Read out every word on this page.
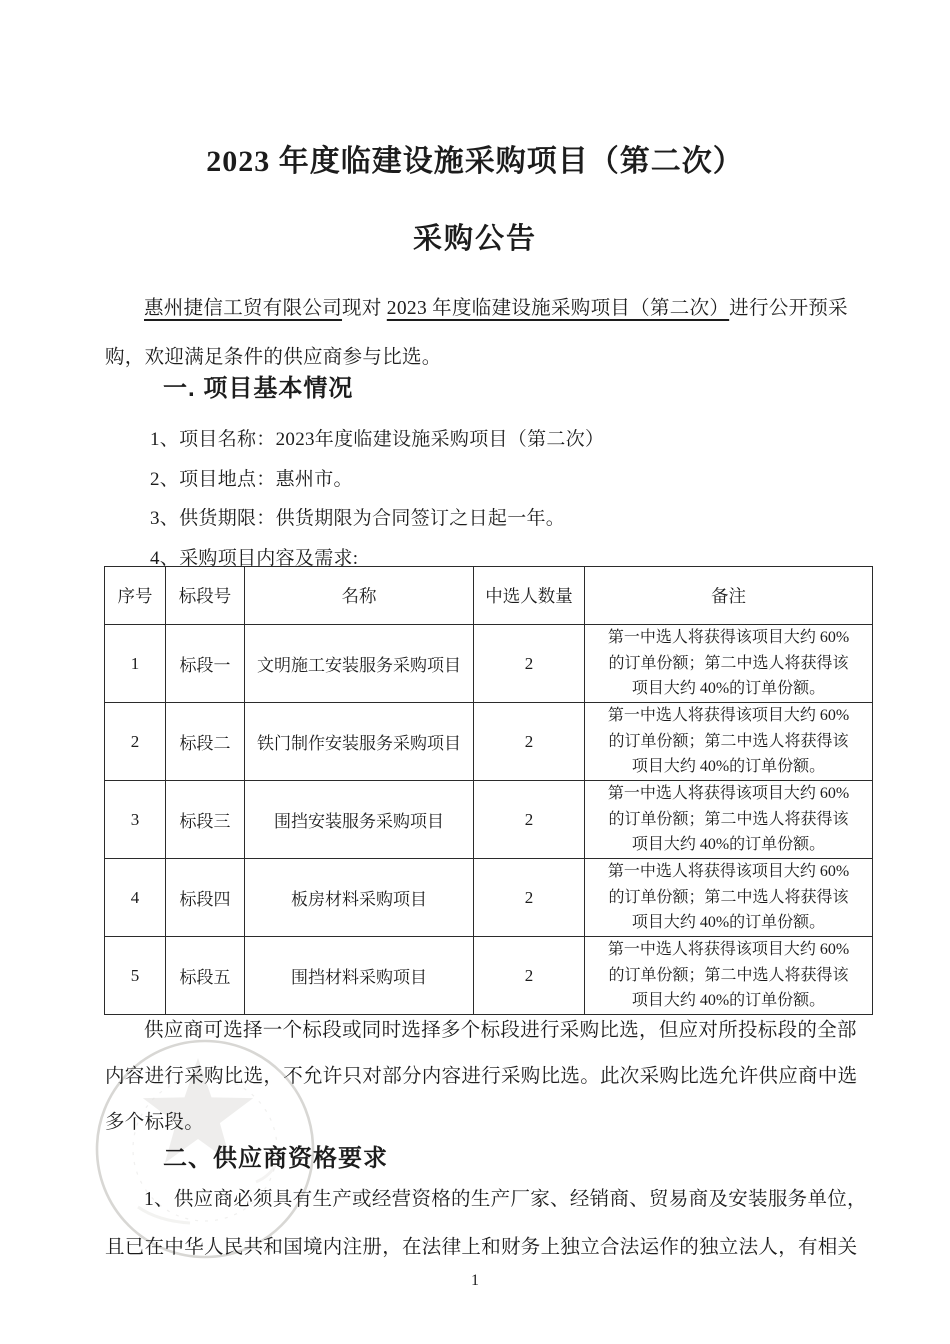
2023 年度临建设施采购项目（第二次）
采购公告
惠州捷信工贸有限公司现对 2023 年度临建设施采购项目（第二次）进行公开预采
购，欢迎满足条件的供应商参与比选。
一. 项目基本情况
1、项目名称：2023年度临建设施采购项目（第二次）
2、项目地点：惠州市。
3、供货期限：供货期限为合同签订之日起一年。
4、采购项目内容及需求:
序号	标段号	名称	中选人数量	备注
1	标段一	文明施工安装服务采购项目	2	第一中选人将获得该项目大约 60%
的订单份额；第二中选人将获得该
项目大约 40%的订单份额。

2	标段二	铁门制作安装服务采购项目	2	第一中选人将获得该项目大约 60%
的订单份额；第二中选人将获得该
项目大约 40%的订单份额。

3	标段三	围挡安装服务采购项目	2	第一中选人将获得该项目大约 60%
的订单份额；第二中选人将获得该
项目大约 40%的订单份额。

4	标段四	板房材料采购项目	2	第一中选人将获得该项目大约 60%
的订单份额；第二中选人将获得该
项目大约 40%的订单份额。

5	标段五	围挡材料采购项目	2	第一中选人将获得该项目大约 60%
的订单份额；第二中选人将获得该
项目大约 40%的订单份额。
供应商可选择一个标段或同时选择多个标段进行采购比选，但应对所投标段的全部
内容进行采购比选，不允许只对部分内容进行采购比选。此次采购比选允许供应商中选
多个标段。
二、供应商资格要求
1、供应商必须具有生产或经营资格的生产厂家、经销商、贸易商及安装服务单位，
且已在中华人民共和国境内注册，在法律上和财务上独立合法运作的独立法人，有相关
1
